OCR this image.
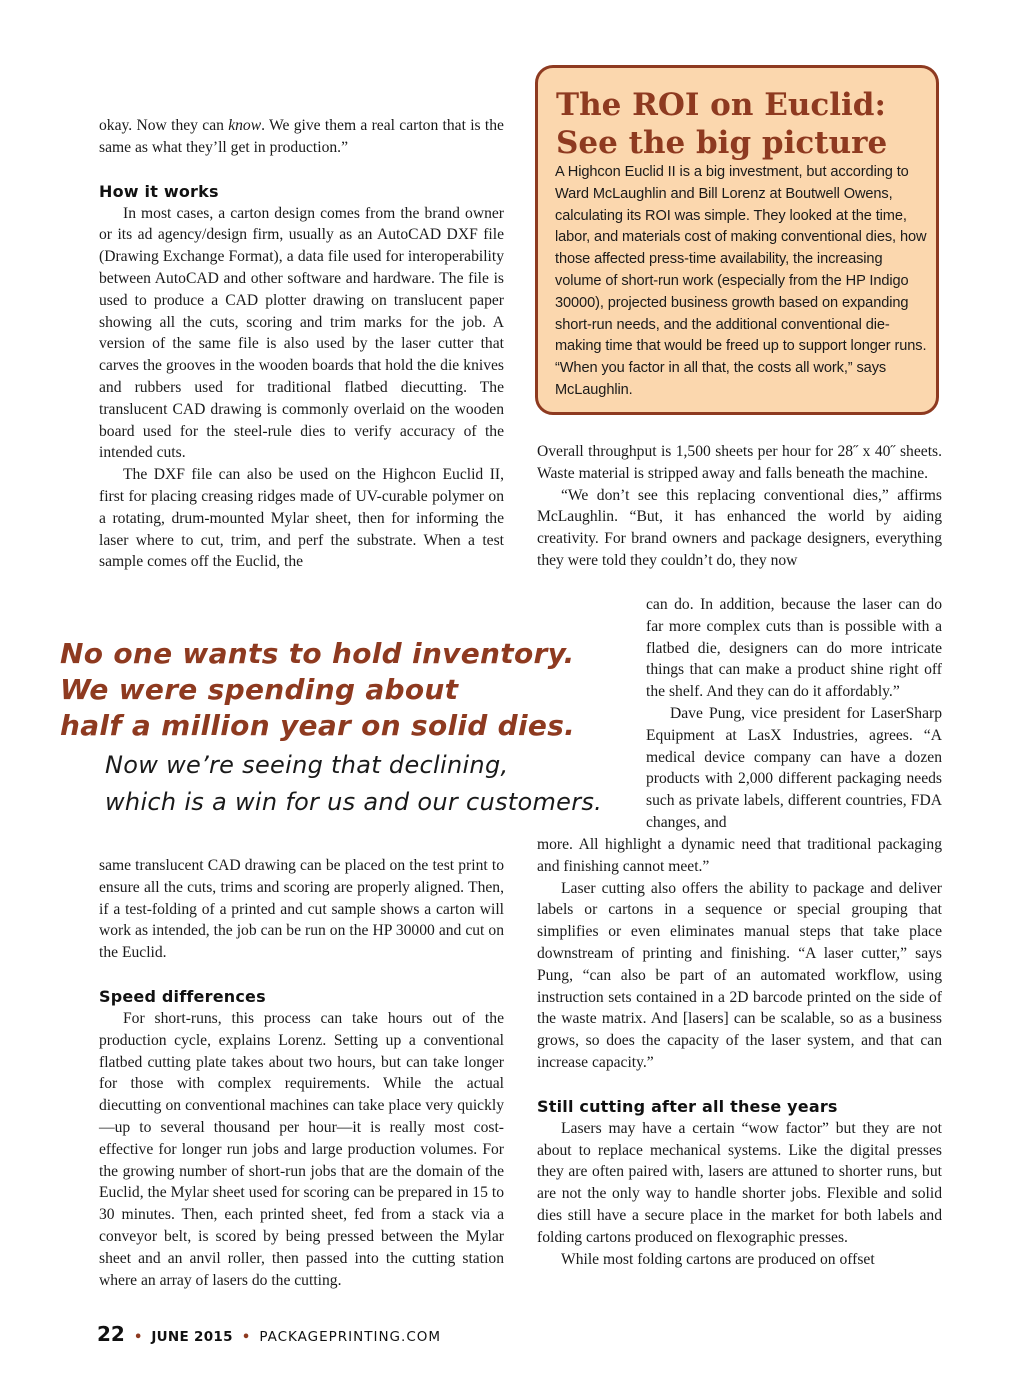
okay. Now they can know. We give them a real carton that is the same as what they’ll get in production.”

How it works

In most cases, a carton design comes from the brand owner or its ad agency/design firm, usually as an AutoCAD DXF file (Drawing Exchange Format), a data file used for interoperability between AutoCAD and other software and hardware. The file is used to produce a CAD plotter drawing on translucent paper showing all the cuts, scoring and trim marks for the job. A version of the same file is also used by the laser cutter that carves the grooves in the wooden boards that hold the die knives and rubbers used for traditional flatbed diecutting. The translucent CAD drawing is commonly overlaid on the wooden board used for the steel-rule dies to verify accuracy of the intended cuts.

The DXF file can also be used on the Highcon Euclid II, first for placing creasing ridges made of UV-curable polymer on a rotating, drum-mounted Mylar sheet, then for informing the laser where to cut, trim, and perf the substrate. When a test sample comes off the Euclid, the

The ROI on Euclid:
See the big picture

A Highcon Euclid II is a big investment, but according to Ward McLaughlin and Bill Lorenz at Boutwell Owens, calculating its ROI was simple. They looked at the time, labor, and materials cost of making conventional dies, how those affected press-time availability, the increasing volume of short-run work (especially from the HP Indigo 30000), projected business growth based on expanding short-run needs, and the additional conventional die-making time that would be freed up to support longer runs. “When you factor in all that, the costs all work,” says McLaughlin.

No one wants to hold inventory.
We were spending about
half a million year on solid dies.
Now we’re seeing that declining,
which is a win for us and our customers.

same translucent CAD drawing can be placed on the test print to ensure all the cuts, trims and scoring are properly aligned. Then, if a test-folding of a printed and cut sample shows a carton will work as intended, the job can be run on the HP 30000 and cut on the Euclid.

Speed differences

For short-runs, this process can take hours out of the production cycle, explains Lorenz. Setting up a conventional flatbed cutting plate takes about two hours, but can take longer for those with complex requirements. While the actual diecutting on conventional machines can take place very quickly—up to several thousand per hour—it is really most cost-effective for longer run jobs and large production volumes. For the growing number of short-run jobs that are the domain of the Euclid, the Mylar sheet used for scoring can be prepared in 15 to 30 minutes. Then, each printed sheet, fed from a stack via a conveyor belt, is scored by being pressed between the Mylar sheet and an anvil roller, then passed into the cutting station where an array of lasers do the cutting.

Overall throughput is 1,500 sheets per hour for 28˝ x 40˝ sheets. Waste material is stripped away and falls beneath the machine.

“We don’t see this replacing conventional dies,” affirms McLaughlin. “But, it has enhanced the world by aiding creativity. For brand owners and package designers, everything they were told they couldn’t do, they now

can do. In addition, because the laser can do far more complex cuts than is possible with a flatbed die, designers can do more intricate things that can make a product shine right off the shelf. And they can do it affordably.”

Dave Pung, vice president for LaserSharp Equipment at LasX Industries, agrees. “A medical device company can have a dozen products with 2,000 different packaging needs such as private labels, different countries, FDA changes, and

more. All highlight a dynamic need that traditional packaging and finishing cannot meet.”

Laser cutting also offers the ability to package and deliver labels or cartons in a sequence or special grouping that simplifies or even eliminates manual steps that take place downstream of printing and finishing. “A laser cutter,” says Pung, “can also be part of an automated workflow, using instruction sets contained in a 2D barcode printed on the side of the waste matrix. And [lasers] can be scalable, so as a business grows, so does the capacity of the laser system, and that can increase capacity.”

Still cutting after all these years

Lasers may have a certain “wow factor” but they are not about to replace mechanical systems. Like the digital presses they are often paired with, lasers are attuned to shorter runs, but are not the only way to handle shorter jobs. Flexible and solid dies still have a secure place in the market for both labels and folding cartons produced on flexographic presses.

While most folding cartons are produced on offset

22 • JUNE 2015 • PACKAGEPRINTING.COM
